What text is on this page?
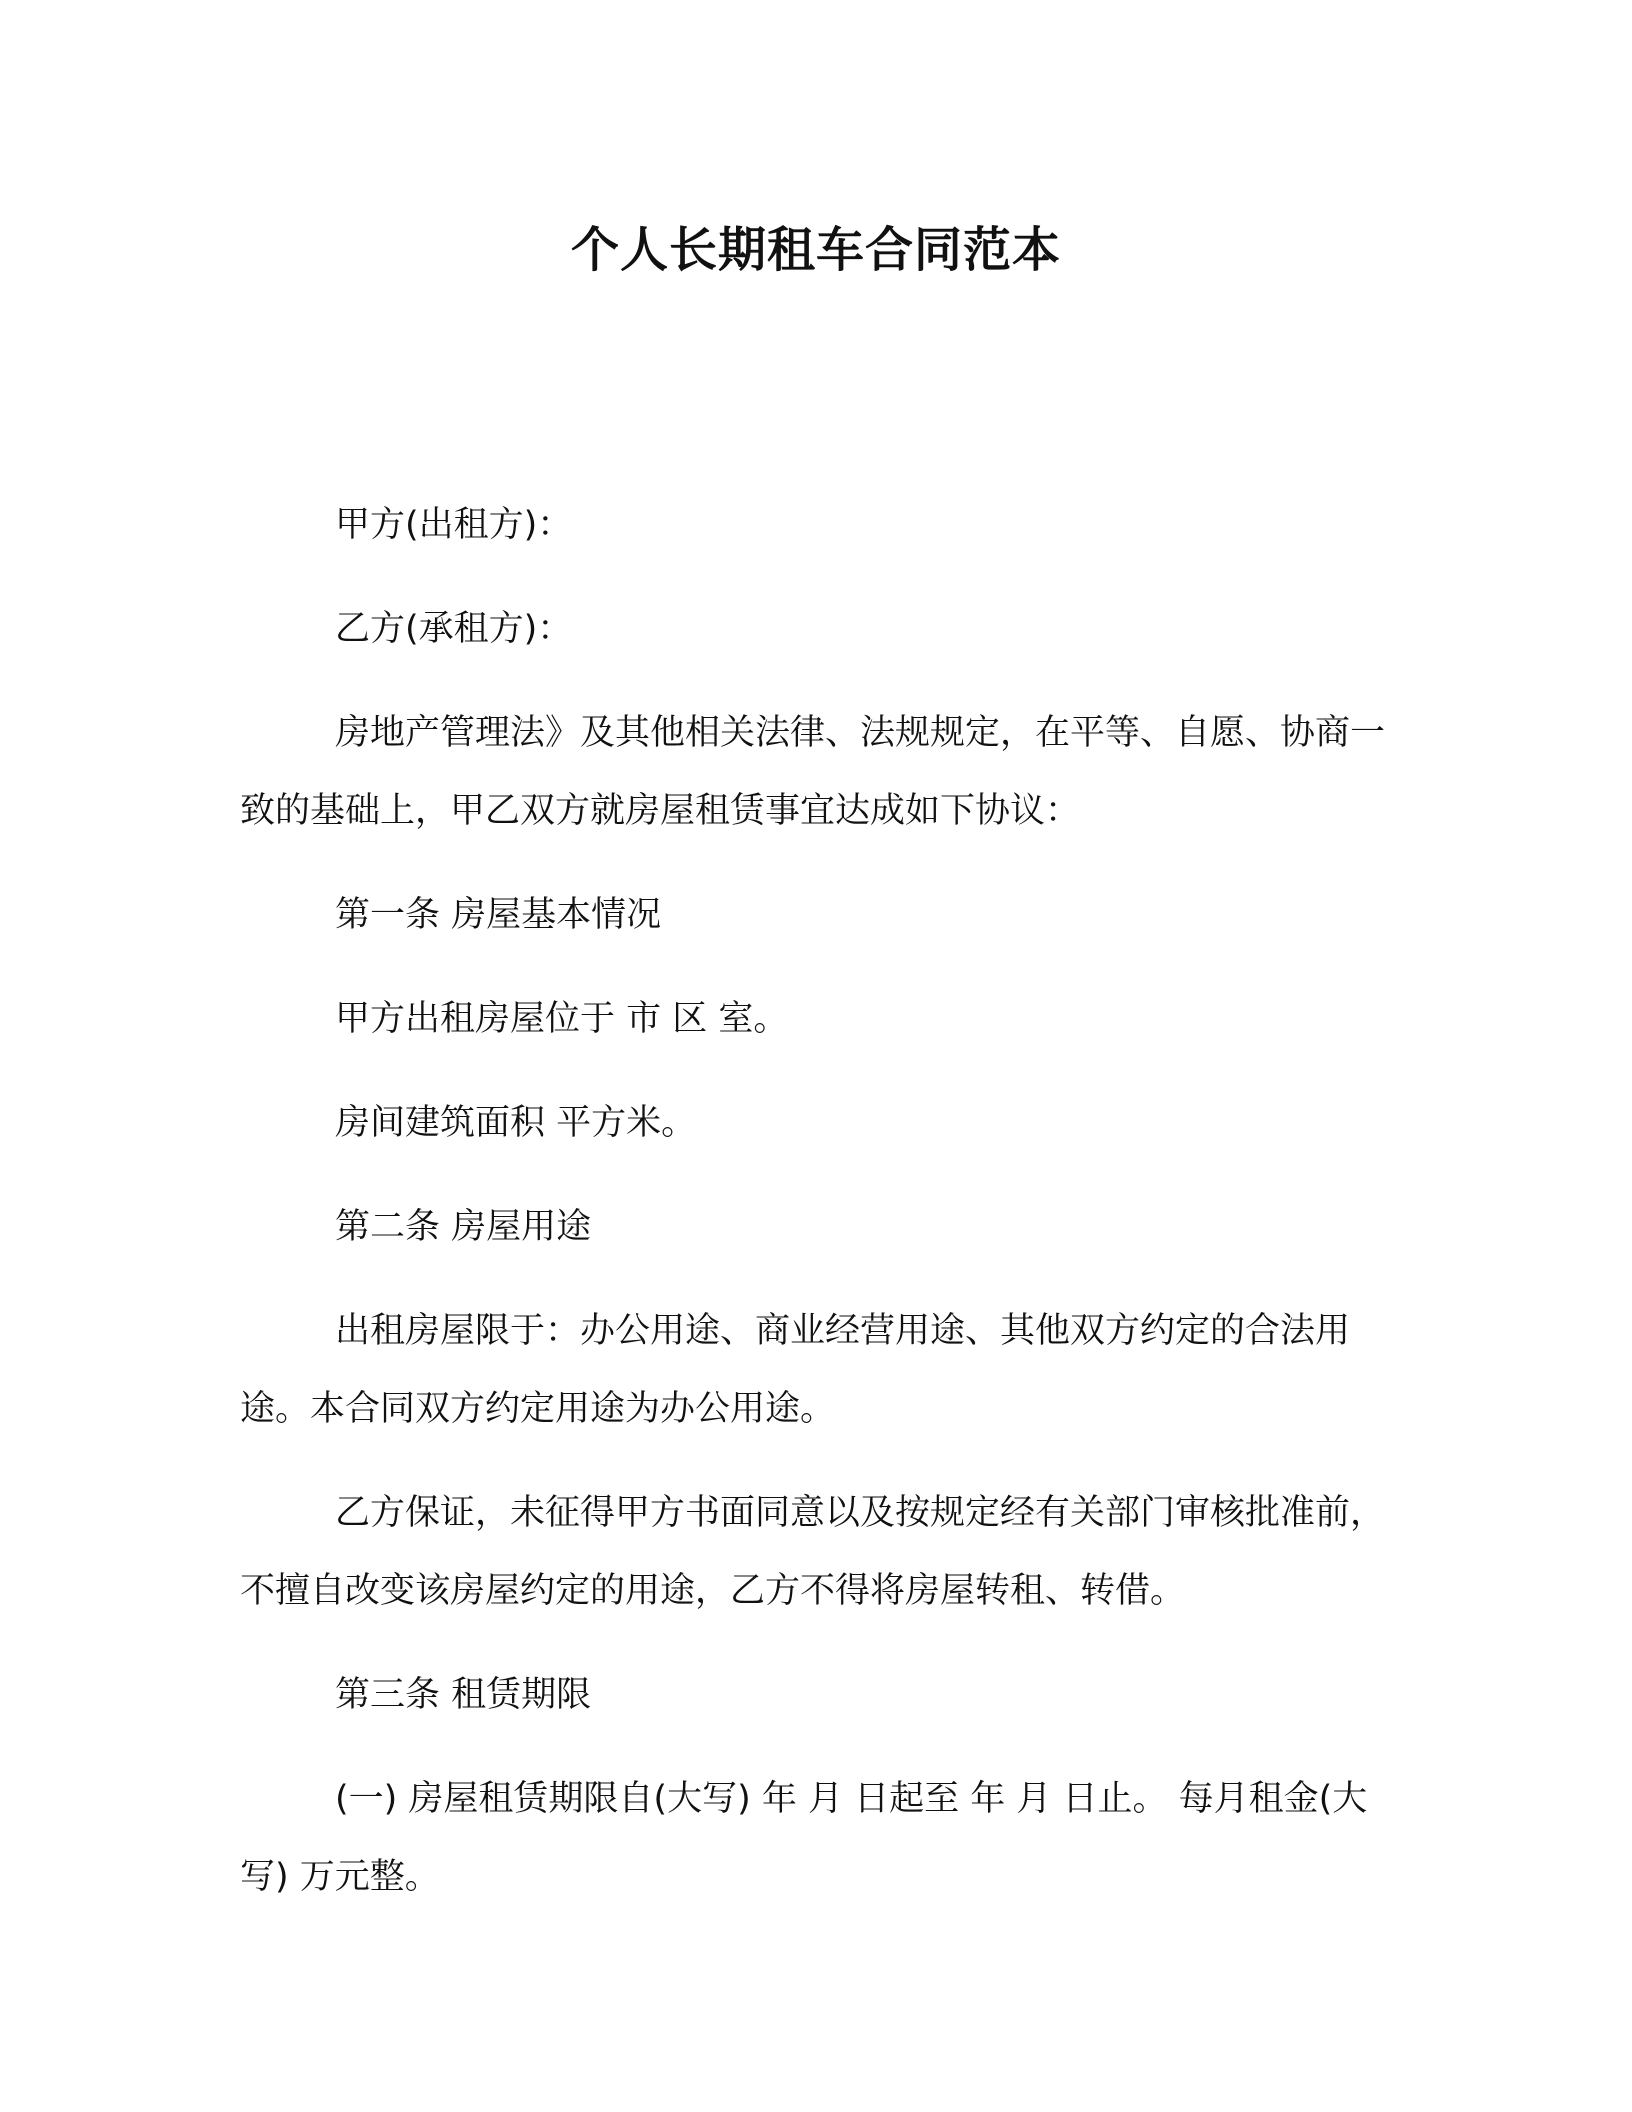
个人长期租车合同范本
甲方(出租方)：
乙方(承租方)：
房地产管理法》及其他相关法律、法规规定，在平等、自愿、协商一致的基础上，甲乙双方就房屋租赁事宜达成如下协议：
第一条 房屋基本情况
甲方出租房屋位于 市 区 室。
房间建筑面积 平方米。
第二条 房屋用途
出租房屋限于：办公用途、商业经营用途、其他双方约定的合法用途。本合同双方约定用途为办公用途。
乙方保证，未征得甲方书面同意以及按规定经有关部门审核批准前，不擅自改变该房屋约定的用途，乙方不得将房屋转租、转借。
第三条 租赁期限
(一) 房屋租赁期限自(大写) 年 月 日起至 年 月 日止。 每月租金(大写) 万元整。
